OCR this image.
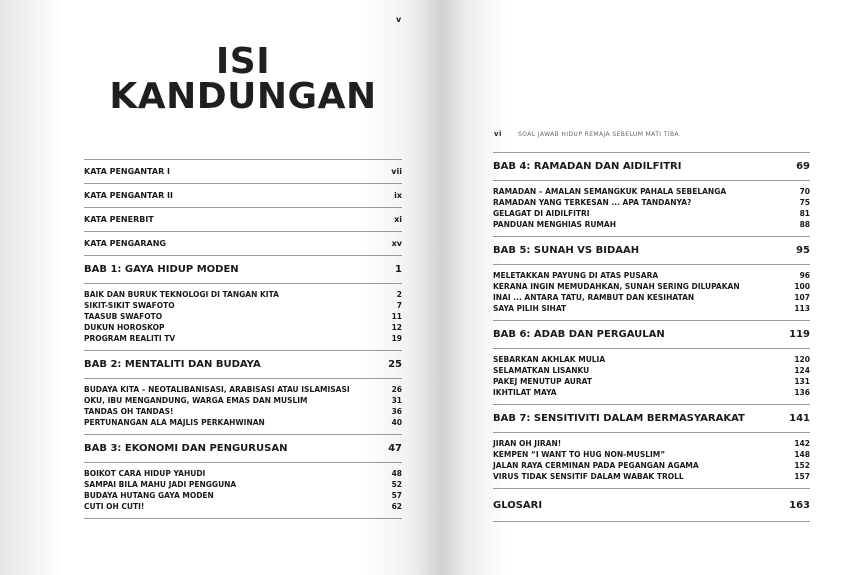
v
ISI
KANDUNGAN
KATA PENGANTAR I	vii
KATA PENGANTAR II	ix
KATA PENERBIT	xi
KATA PENGARANG	xv
BAB 1: GAYA HIDUP MODEN	1
BAIK DAN BURUK TEKNOLOGI DI TANGAN KITA	2
SIKIT-SIKIT SWAFOTO	7
TAASUB SWAFOTO	11
DUKUN HOROSKOP	12
PROGRAM REALITI TV	19
BAB 2: MENTALITI DAN BUDAYA	25
BUDAYA KITA – NEOTALIBANISASI, ARABISASI ATAU ISLAMISASI	26
OKU, IBU MENGANDUNG, WARGA EMAS DAN MUSLIM	31
TANDAS OH TANDAS!	36
PERTUNANGAN ALA MAJLIS PERKAHWINAN	40
BAB 3: EKONOMI DAN PENGURUSAN	47
BOIKOT CARA HIDUP YAHUDI	48
SAMPAI BILA MAHU JADI PENGGUNA	52
BUDAYA HUTANG GAYA MODEN	57
CUTI OH CUTI!	62
vi	SOAL JAWAB HIDUP REMAJA SEBELUM MATI TIBA
BAB 4: RAMADAN DAN AIDILFITRI	69
RAMADAN – AMALAN SEMANGKUK PAHALA SEBELANGA	70
RAMADAN YANG TERKESAN ... APA TANDANYA?	75
GELAGAT DI AIDILFITRI	81
PANDUAN MENGHIAS RUMAH	88
BAB 5: SUNAH VS BIDAAH	95
MELETAKKAN PAYUNG DI ATAS PUSARA	96
KERANA INGIN MEMUDAHKAN, SUNAH SERING DILUPAKAN	100
INAI ... ANTARA TATU, RAMBUT DAN KESIHATAN	107
SAYA PILIH SIHAT	113
BAB 6: ADAB DAN PERGAULAN	119
SEBARKAN AKHLAK MULIA	120
SELAMATKAN LISANKU	124
PAKEJ MENUTUP AURAT	131
IKHTILAT MAYA	136
BAB 7: SENSITIVITI DALAM BERMASYARAKAT	141
JIRAN OH JIRAN!	142
KEMPEN “I WANT TO HUG NON-MUSLIM”	148
JALAN RAYA CERMINAN PADA PEGANGAN AGAMA	152
VIRUS TIDAK SENSITIF DALAM WABAK TROLL	157
GLOSARI	163
